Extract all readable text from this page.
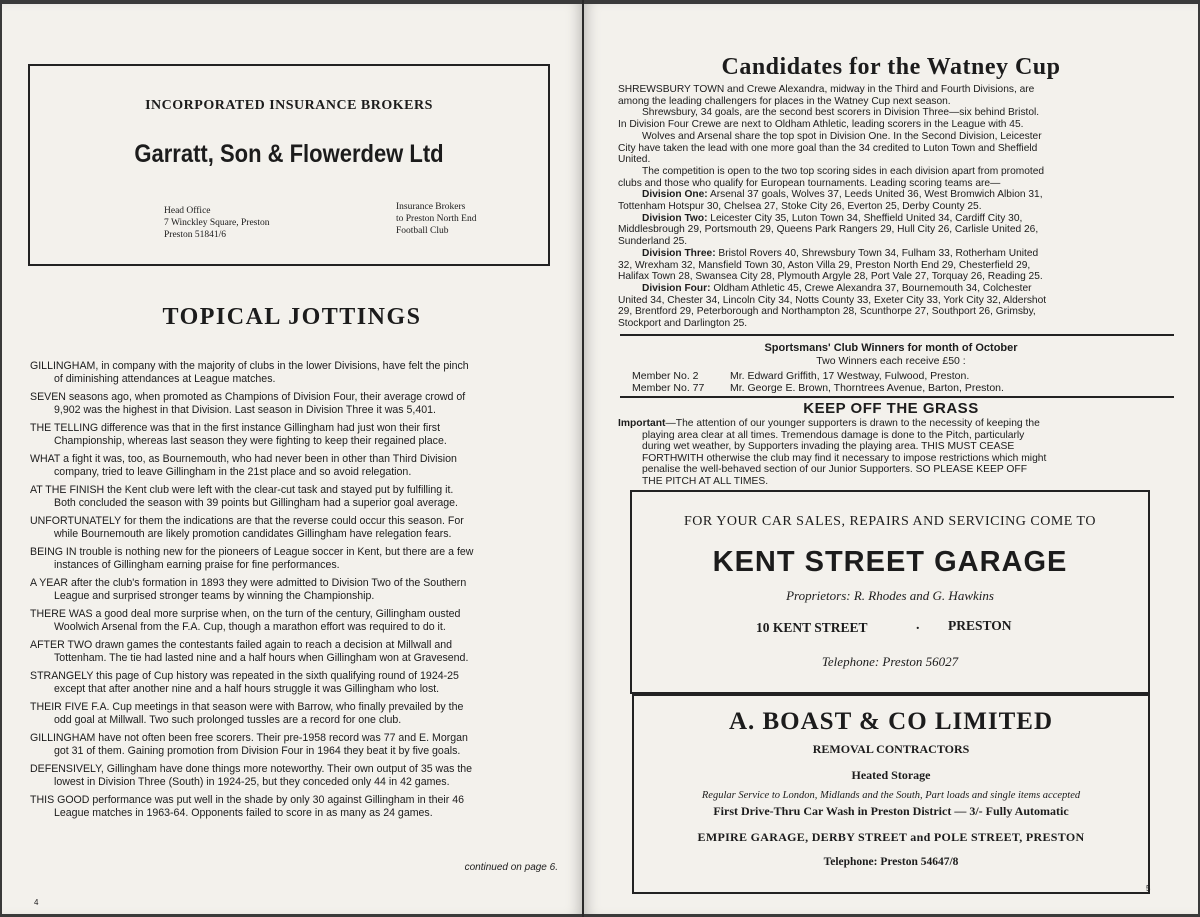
INCORPORATED INSURANCE BROKERS
Garratt, Son & Flowerdew Ltd
Head Office
7 Winckley Square, Preston
Preston 51841/6
Insurance Brokers
to Preston North End
Football Club
TOPICAL JOTTINGS
GILLINGHAM, in company with the majority of clubs in the lower Divisions, have felt the pinch
of diminishing attendances at League matches.
SEVEN seasons ago, when promoted as Champions of Division Four, their average crowd of
9,902 was the highest in that Division. Last season in Division Three it was 5,401.
THE TELLING difference was that in the first instance Gillingham had just won their first
Championship, whereas last season they were fighting to keep their regained place.
WHAT a fight it was, too, as Bournemouth, who had never been in other than Third Division
company, tried to leave Gillingham in the 21st place and so avoid relegation.
AT THE FINISH the Kent club were left with the clear-cut task and stayed put by fulfilling it.
Both concluded the season with 39 points but Gillingham had a superior goal average.
UNFORTUNATELY for them the indications are that the reverse could occur this season. For
while Bournemouth are likely promotion candidates Gillingham have relegation fears.
BEING IN trouble is nothing new for the pioneers of League soccer in Kent, but there are a few
instances of Gillingham earning praise for fine performances.
A YEAR after the club's formation in 1893 they were admitted to Division Two of the Southern
League and surprised stronger teams by winning the Championship.
THERE WAS a good deal more surprise when, on the turn of the century, Gillingham ousted
Woolwich Arsenal from the F.A. Cup, though a marathon effort was required to do it.
AFTER TWO drawn games the contestants failed again to reach a decision at Millwall and
Tottenham. The tie had lasted nine and a half hours when Gillingham won at Gravesend.
STRANGELY this page of Cup history was repeated in the sixth qualifying round of 1924-25
except that after another nine and a half hours struggle it was Gillingham who lost.
THEIR FIVE F.A. Cup meetings in that season were with Barrow, who finally prevailed by the
odd goal at Millwall. Two such prolonged tussles are a record for one club.
GILLINGHAM have not often been free scorers. Their pre-1958 record was 77 and E. Morgan
got 31 of them. Gaining promotion from Division Four in 1964 they beat it by five goals.
DEFENSIVELY, Gillingham have done things more noteworthy. Their own output of 35 was the
lowest in Division Three (South) in 1924-25, but they conceded only 44 in 42 games.
THIS GOOD performance was put well in the shade by only 30 against Gillingham in their 46
League matches in 1963-64. Opponents failed to score in as many as 24 games.
continued on page 6.
4
Candidates for the Watney Cup

SHREWSBURY TOWN and Crewe Alexandra, midway in the Third and Fourth Divisions, are

among the leading challengers for places in the Watney Cup next season.

Shrewsbury, 34 goals, are the second best scorers in Division Three—six behind Bristol.

In Division Four Crewe are next to Oldham Athletic, leading scorers in the League with 45.

Wolves and Arsenal share the top spot in Division One. In the Second Division, Leicester

City have taken the lead with one more goal than the 34 credited to Luton Town and Sheffield

United.

The competition is open to the two top scoring sides in each division apart from promoted

clubs and those who qualify for European tournaments. Leading scoring teams are—

Division One: Arsenal 37 goals, Wolves 37, Leeds United 36, West Bromwich Albion 31,
Tottenham Hotspur 30, Chelsea 27, Stoke City 26, Everton 25, Derby County 25.
Division Two: Leicester City 35, Luton Town 34, Sheffield United 34, Cardiff City 30,
Middlesbrough 29, Portsmouth 29, Queens Park Rangers 29, Hull City 26, Carlisle United 26,
Sunderland 25.
Division Three: Bristol Rovers 40, Shrewsbury Town 34, Fulham 33, Rotherham United
32, Wrexham 32, Mansfield Town 30, Aston Villa 29, Preston North End 29, Chesterfield 29,
Halifax Town 28, Swansea City 28, Plymouth Argyle 28, Port Vale 27, Torquay 26, Reading 25.
Division Four: Oldham Athletic 45, Crewe Alexandra 37, Bournemouth 34, Colchester
United 34, Chester 34, Lincoln City 34, Notts County 33, Exeter City 33, York City 32, Aldershot
29, Brentford 29, Peterborough and Northampton 28, Scunthorpe 27, Southport 26, Grimsby,
Stockport and Darlington 25.
Sportsmans' Club Winners for month of October
Two Winners each receive £50 :
Member No. 2	Mr. Edward Griffith, 17 Westway, Fulwood, Preston.
Member No. 77 Mr. George E. Brown, Thorntrees Avenue, Barton, Preston.
KEEP OFF THE GRASS
Important—The attention of our younger supporters is drawn to the necessity of keeping the
playing area clear at all times. Tremendous damage is done to the Pitch, particularly
during wet weather, by Supporters invading the playing area. THIS MUST CEASE
FORTHWITH otherwise the club may find it necessary to impose restrictions which might
penalise the well-behaved section of our Junior Supporters. SO PLEASE KEEP OFF
THE PITCH AT ALL TIMES.
FOR YOUR CAR SALES, REPAIRS AND SERVICING COME TO
KENT STREET GARAGE
Proprietors: R. Rhodes and G. Hawkins
10 KENT STREET	. PRESTON
Telephone: Preston 56027
A. BOAST & CO LIMITED
REMOVAL CONTRACTORS
Heated Storage
Regular Service to London, Midlands and the South, Part loads and single items accepted
First Drive-Thru Car Wash in Preston District — 3/- Fully Automatic
EMPIRE GARAGE, DERBY STREET and POLE STREET, PRESTON
Telephone: Preston 54647/8
5
